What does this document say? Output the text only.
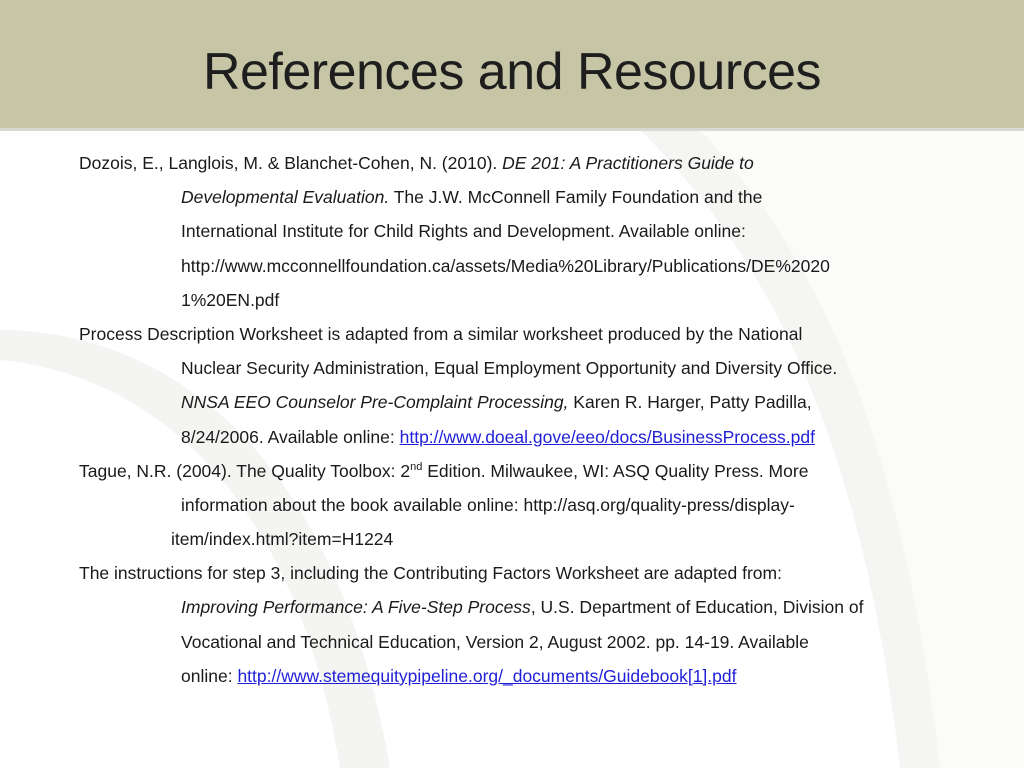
References and Resources
Dozois, E., Langlois, M. & Blanchet-Cohen, N. (2010). DE 201: A Practitioners Guide to
Developmental Evaluation. The J.W. McConnell Family Foundation and the
International Institute for Child Rights and Development. Available online:
http://www.mcconnellfoundation.ca/assets/Media%20Library/Publications/DE%2020
1%20EN.pdf
Process Description Worksheet is adapted from a similar worksheet produced by the National
Nuclear Security Administration, Equal Employment Opportunity and Diversity Office.
NNSA EEO Counselor Pre-Complaint Processing, Karen R. Harger, Patty Padilla,
8/24/2006. Available online: http://www.doeal.gove/eeo/docs/BusinessProcess.pdf
Tague, N.R. (2004). The Quality Toolbox: 2nd Edition. Milwaukee, WI: ASQ Quality Press. More
information about the book available online: http://asq.org/quality-press/display-
item/index.html?item=H1224
The instructions for step 3, including the Contributing Factors Worksheet are adapted from:
Improving Performance: A Five-Step Process, U.S. Department of Education, Division of
Vocational and Technical Education, Version 2, August 2002. pp. 14-19. Available
online: http://www.stemequitypipeline.org/_documents/Guidebook[1].pdf
